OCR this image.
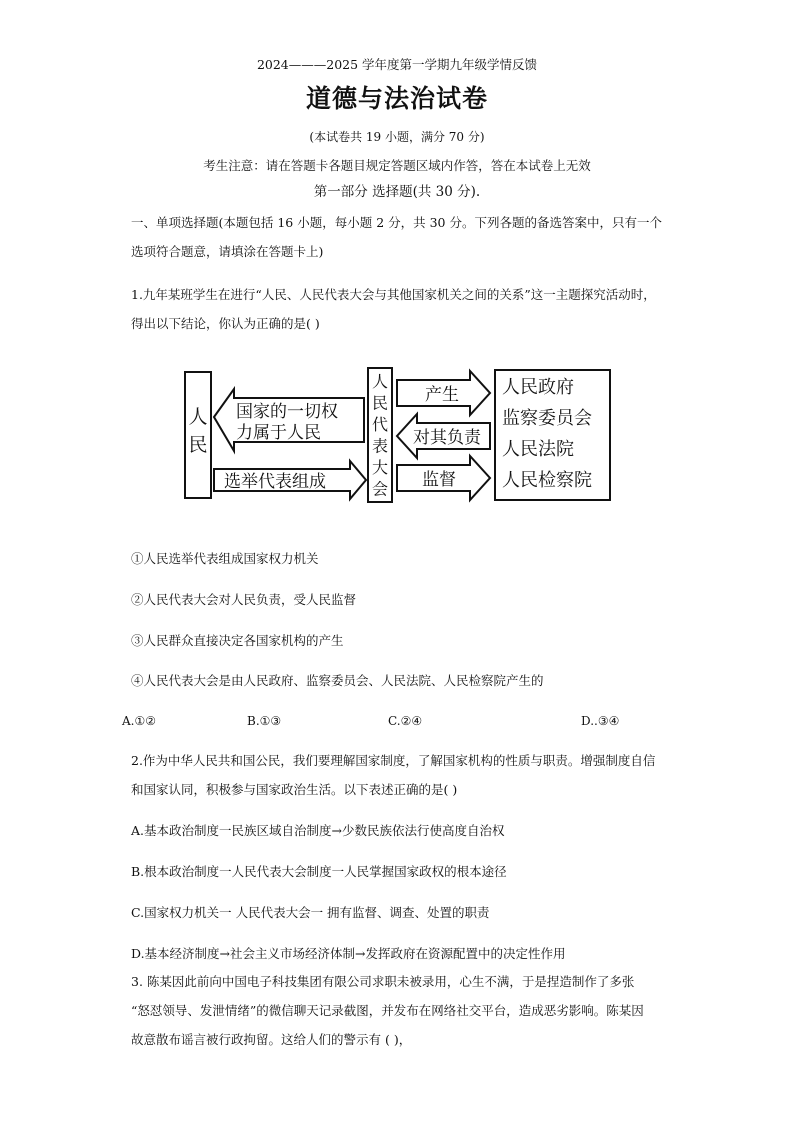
2024———2025 学年度第一学期九年级学情反馈
道德与法治试卷
(本试卷共 19 小题，满分 70 分)
考生注意：请在答题卡各题目规定答题区域内作答，答在本试卷上无效
第一部分 选择题(共 30 分).
一、单项选择题(本题包括 16 小题，每小题 2 分，共 30 分。下列各题的备选答案中，只有一个
选项符合题意，请填涂在答题卡上)
1.九年某班学生在进行“人民、人民代表大会与其他国家机关之间的关系”这一主题探究活动时，
得出以下结论，你认为正确的是( )
人
民
国家的一切权
力属于人民
选举代表组成
人
民
代
表
大
会
产生
对其负责
监督
人民政府
监察委员会
人民法院
人民检察院
①人民选举代表组成国家权力机关
②人民代表大会对人民负责，受人民监督
③人民群众直接决定各国家机构的产生
④人民代表大会是由人民政府、监察委员会、人民法院、人民检察院产生的
A.①②	B.①③	C.②④	D..③④
2.作为中华人民共和国公民，我们要理解国家制度，了解国家机构的性质与职责。增强制度自信
和国家认同，积极参与国家政治生活。以下表述正确的是( )
A.基本政治制度一民族区域自治制度→少数民族依法行使高度自治权
B.根本政治制度一人民代表大会制度一人民掌握国家政权的根本途径
C.国家权力机关一 人民代表大会一 拥有监督、调查、处置的职责
D.基本经济制度→社会主义市场经济体制→发挥政府在资源配置中的决定性作用
3. 陈某因此前向中国电子科技集团有限公司求职未被录用，心生不满，于是捏造制作了多张
“怒怼领导、发泄情绪”的微信聊天记录截图，并发布在网络社交平台，造成恶劣影响。陈某因
故意散布谣言被行政拘留。这给人们的警示有 ( )，
